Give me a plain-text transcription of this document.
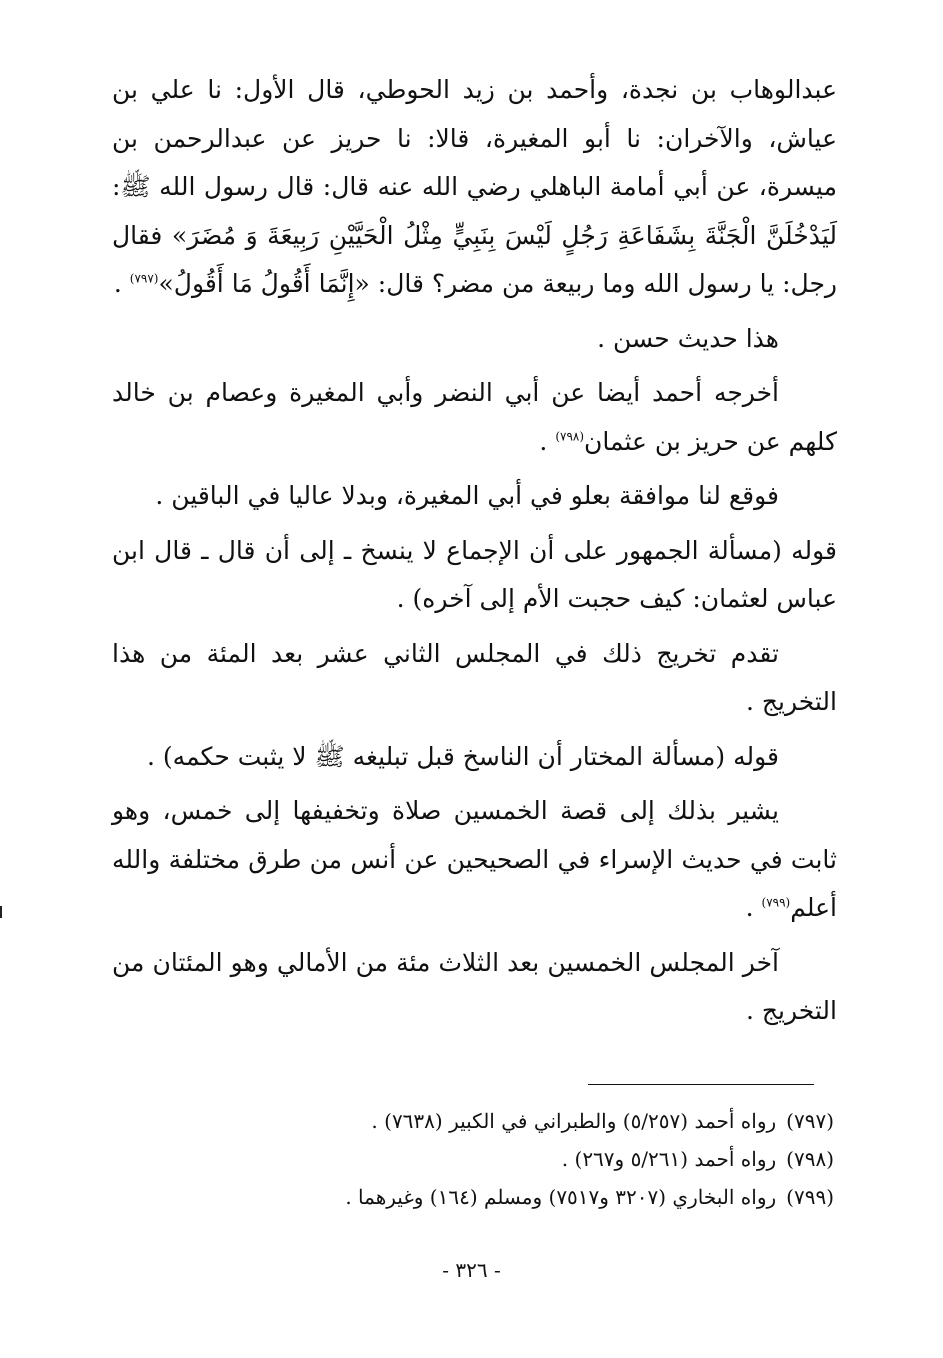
عبدالوهاب بن نجدة، وأحمد بن زيد الحوطي، قال الأول: نا علي بن عياش، والآخران: نا أبو المغيرة، قالا: نا حريز عن عبدالرحمن بن ميسرة، عن أبي أمامة الباهلي رضي الله عنه قال: قال رسول الله ﷺ: لَيَدْخُلَنَّ الْجَنَّةَ بِشَفَاعَةِ رَجُلٍ لَيْسَ بِنَبِيٍّ مِثْلُ الْحَيَّيْنِ رَبِيعَةَ وَ مُضَرَ» فقال رجل: يا رسول الله وما ربيعة من مضر؟ قال: «إِنَّمَا أَقُولُ مَا أَقُولُ»$^{(٧٩٧)}$ .

هذا حديث حسن .

أخرجه أحمد أيضا عن أبي النضر وأبي المغيرة وعصام بن خالد كلهم عن حريز بن عثمان$^{(٧٩٨)}$ .

فوقع لنا موافقة بعلو في أبي المغيرة، وبدلا عاليا في الباقين .

قوله (مسألة الجمهور على أن الإجماع لا ينسخ ـ إلى أن قال ـ قال ابن عباس لعثمان: كيف حجبت الأم إلى آخره) .

تقدم تخريج ذلك في المجلس الثاني عشر بعد المئة من هذا التخريج .

قوله (مسألة المختار أن الناسخ قبل تبليغه ﷺ لا يثبت حكمه) .

يشير بذلك إلى قصة الخمسين صلاة وتخفيفها إلى خمس، وهو ثابت في حديث الإسراء في الصحيحين عن أنس من طرق مختلفة والله أعلم$^{(٧٩٩)}$ .

آخر المجلس الخمسين بعد الثلاث مئة من الأمالي وهو المئتان من التخريج .

(٧٩٧)رواه أحمد (٥/٢٥٧) والطبراني في الكبير (٧٦٣٨) .

(٧٩٨)رواه أحمد (٥/٢٦١ و٢٦٧) .

(٧٩٩)رواه البخاري (٣٢٠٧ و٧٥١٧) ومسلم (١٦٤) وغيرهما .

- ٣٢٦ -
